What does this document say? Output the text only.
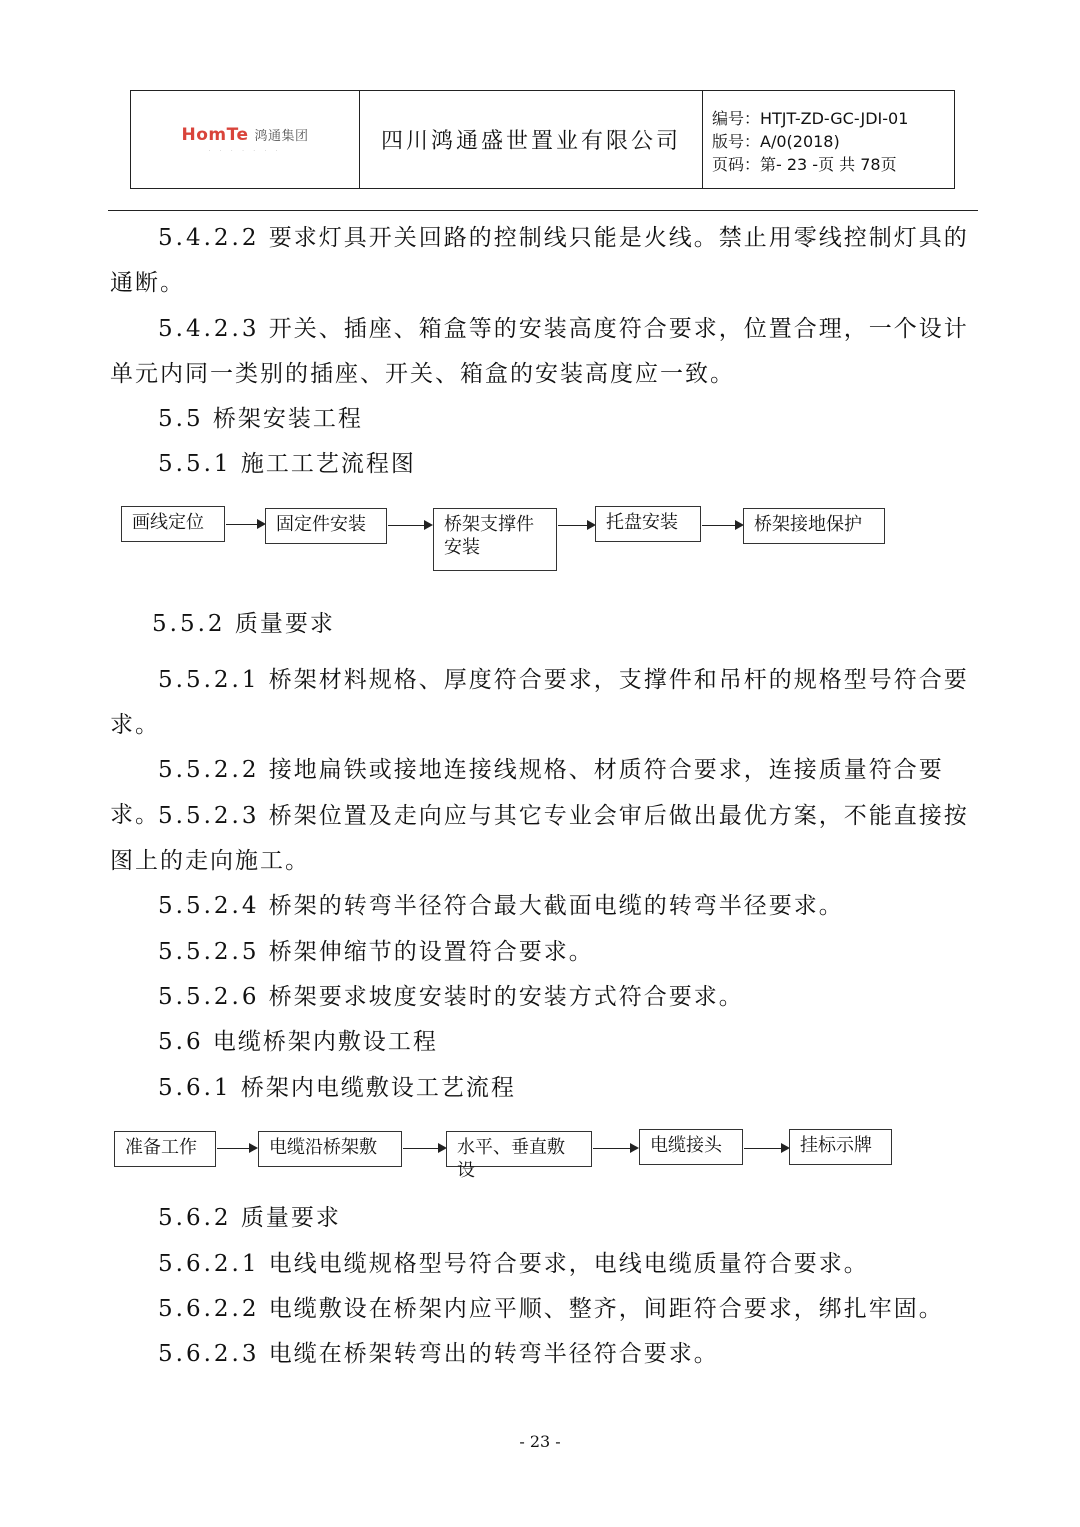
HomTe 鸿通集团
· · · · · · ·	四川鸿通盛世置业有限公司
编号：HTJT-ZD-GC-JDⅠ-01
版号：A/0(2018)
页码：第- 23 -页 共 78页
5.4.2.2 要求灯具开关回路的控制线只能是火线。禁止用零线控制灯具的通断。
5.4.2.3 开关、插座、箱盒等的安装高度符合要求，位置合理，一个设计单元内同一类别的插座、开关、箱盒的安装高度应一致。
5.5 桥架安装工程
5.5.1 施工工艺流程图
画线定位	固定件安装	桥架支撑件安装
托盘安装	桥架接地保护
5.5.2 质量要求
5.5.2.1 桥架材料规格、厚度符合要求，支撑件和吊杆的规格型号符合要求。
5.5.2.2 接地扁铁或接地连接线规格、材质符合要求，连接质量符合要求。
5.5.2.3 桥架位置及走向应与其它专业会审后做出最优方案，不能直接按图上的走向施工。
5.5.2.4 桥架的转弯半径符合最大截面电缆的转弯半径要求。
5.5.2.5 桥架伸缩节的设置符合要求。
5.5.2.6 桥架要求坡度安装时的安装方式符合要求。
5.6 电缆桥架内敷设工程
5.6.1 桥架内电缆敷设工艺流程
准备工作	电缆沿桥架敷	水平、垂直敷设
电缆接头	挂标示牌
5.6.2 质量要求
5.6.2.1 电线电缆规格型号符合要求，电线电缆质量符合要求。
5.6.2.2 电缆敷设在桥架内应平顺、整齐，间距符合要求，绑扎牢固。
5.6.2.3 电缆在桥架转弯出的转弯半径符合要求。
- 23 -
